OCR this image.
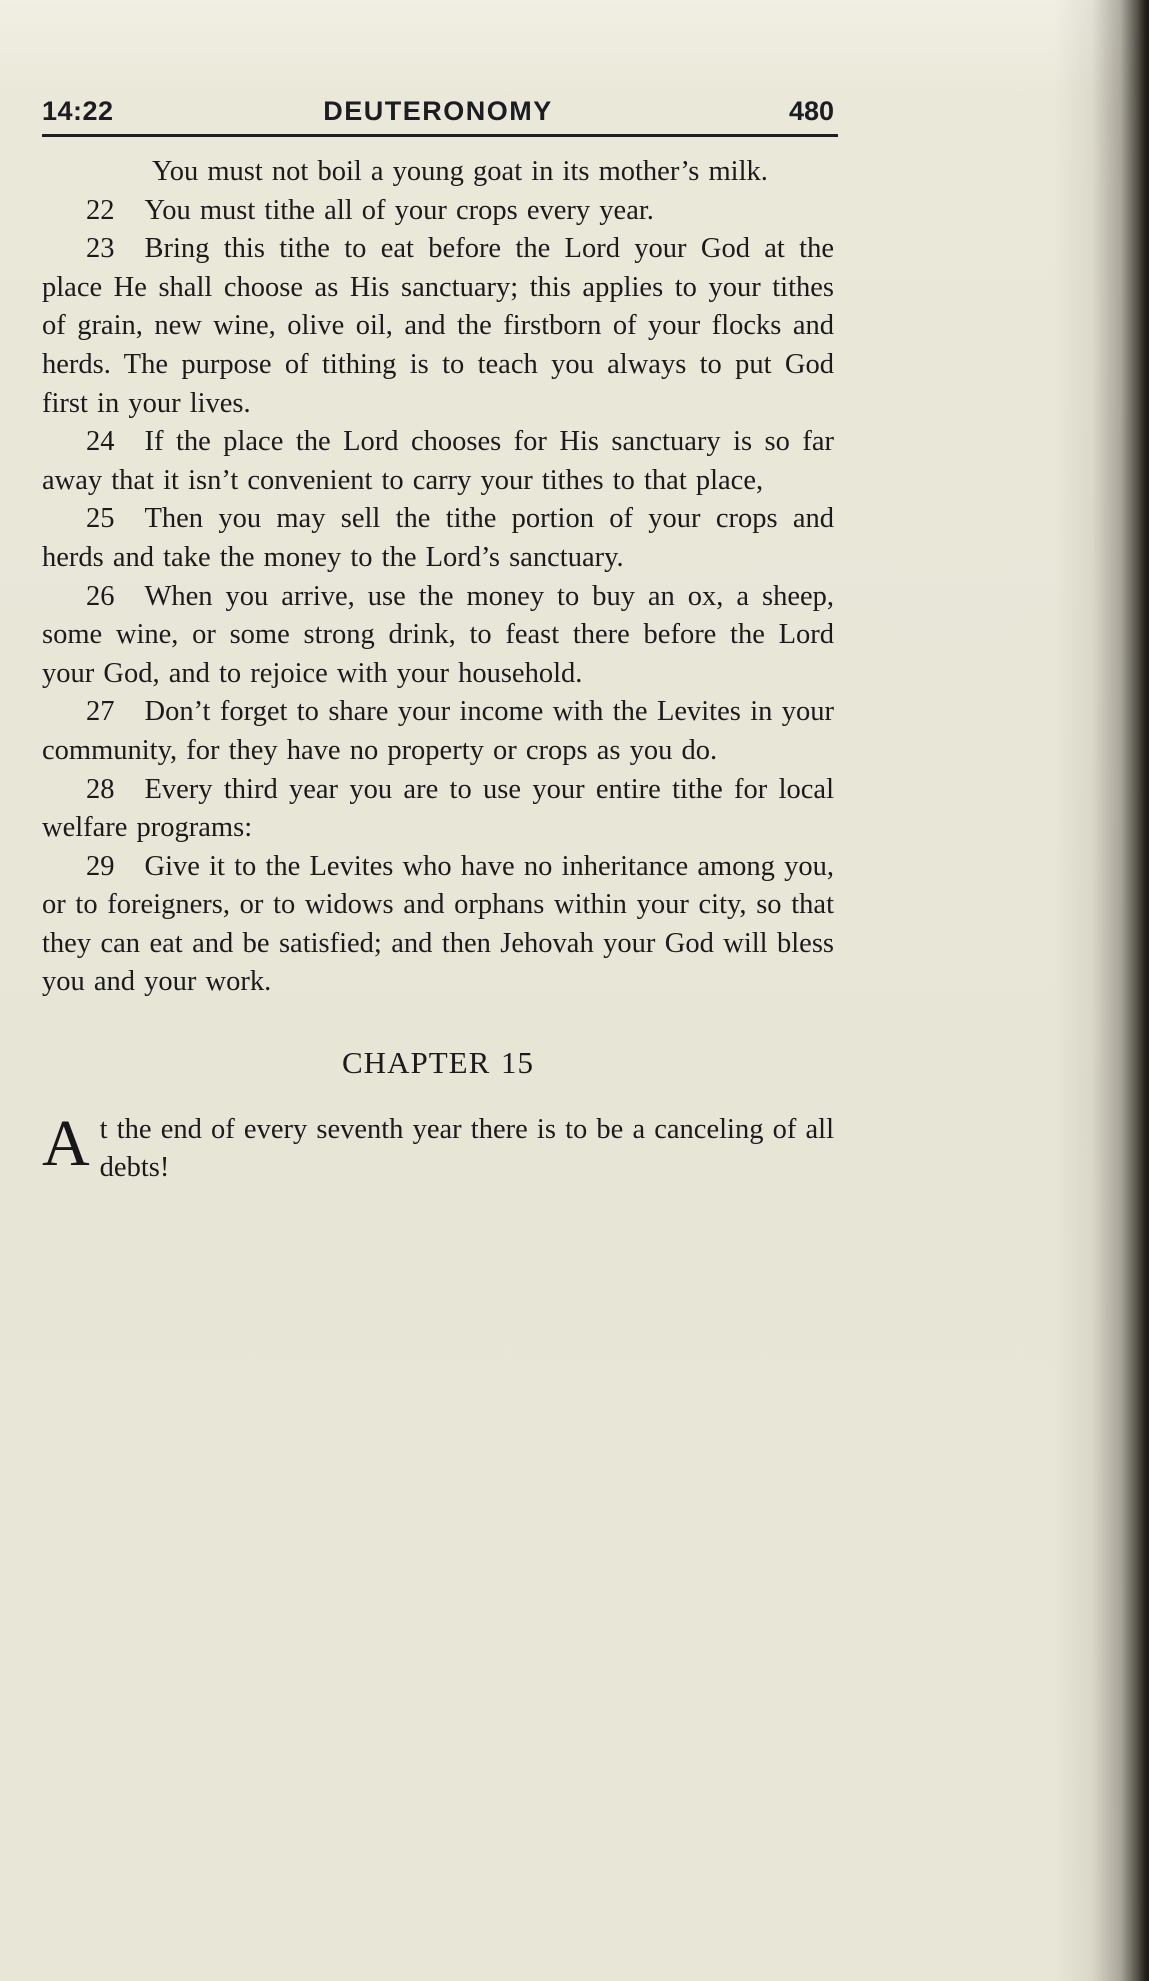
14:22	DEUTERONOMY	480

You must not boil a young goat in its mother’s milk.

22 You must tithe all of your crops every year.

23 Bring this tithe to eat before the Lord your God at the place He shall choose as His sanctuary; this applies to your tithes of grain, new wine, olive oil, and the firstborn of your flocks and herds. The purpose of tithing is to teach you always to put God first in your lives.

24 If the place the Lord chooses for His sanctuary is so far away that it isn’t convenient to carry your tithes to that place,

25 Then you may sell the tithe portion of your crops and herds and take the money to the Lord’s sanctuary.

26 When you arrive, use the money to buy an ox, a sheep, some wine, or some strong drink, to feast there before the Lord your God, and to rejoice with your household.

27 Don’t forget to share your income with the Levites in your community, for they have no property or crops as you do.

28 Every third year you are to use your entire tithe for local welfare programs:

29 Give it to the Levites who have no inheritance among you, or to foreigners, or to widows and orphans within your city, so that they can eat and be satisfied; and then Jehovah your God will bless you and your work.

CHAPTER 15

At the end of every seventh year there is to be a canceling of all debts!
